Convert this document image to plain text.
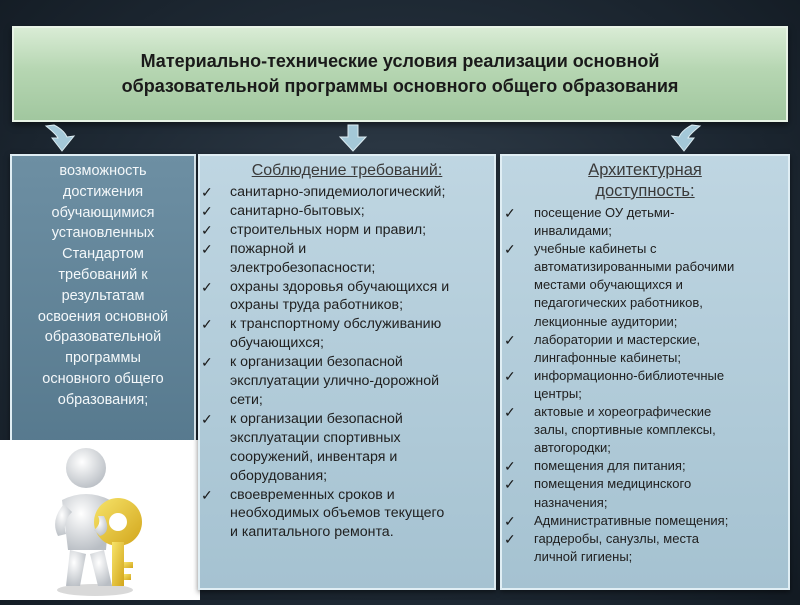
Материально-технические условия реализации основной
образовательной программы основного общего образования
возможность
достижения
обучающимися
установленных
Стандартом
требований к
результатам
освоения основной
образовательной
программы
основного общего
образования;
Соблюдение требований:
✓ санитарно-эпидемиологический;
✓ санитарно-бытовых;
✓ строительных норм и правил;
✓ пожарной и
электробезопасности;
✓ охраны здоровья обучающихся и
охраны труда работников;
✓ к транспортному обслуживанию
обучающихся;
✓ к организации безопасной
эксплуатации улично-дорожной
сети;
✓ к организации безопасной
эксплуатации спортивных
сооружений, инвентаря и
оборудования;
✓ своевременных сроков и
необходимых объемов текущего
и капитального ремонта.
Архитектурная
доступность:
✓ посещение ОУ детьми-
инвалидами;
✓ учебные кабинеты с
автоматизированными рабочими
местами обучающихся и
педагогических работников,
лекционные аудитории;
✓ лаборатории и мастерские,
лингафонные кабинеты;
✓ информационно-библиотечные
центры;
✓ актовые и хореографические
залы, спортивные комплексы,
автогородки;
✓ помещения для питания;
✓ помещения медицинского
назначения;
✓ Административные помещения;
✓ гардеробы, санузлы, места
личной гигиены;
